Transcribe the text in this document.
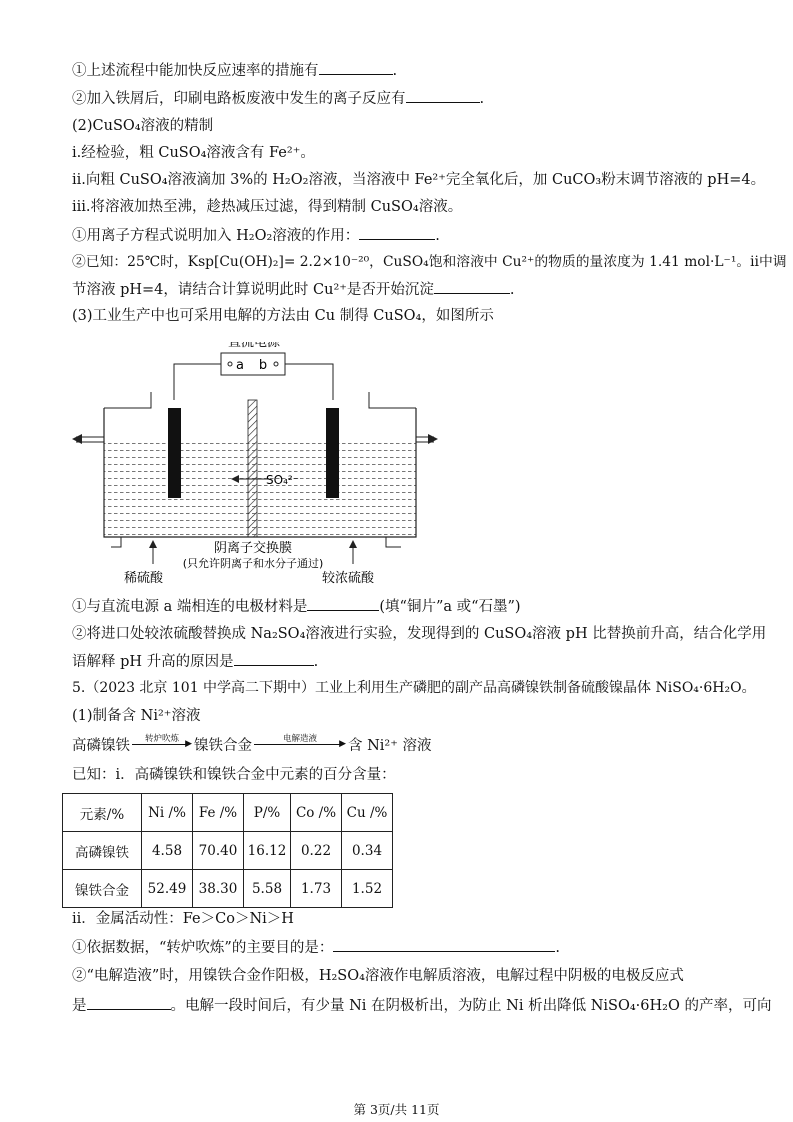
①上述流程中能加快反应速率的措施有	.
②加入铁屑后，印刷电路板废液中发生的离子反应有	.
(2)CuSO₄溶液的精制
ⅰ.经检验，粗 CuSO₄溶液含有 Fe²⁺。
ⅱ.向粗 CuSO₄溶液滴加 3%的 H₂O₂溶液，当溶液中 Fe²⁺完全氧化后，加 CuCO₃粉末调节溶液的 pH=4。
ⅲ.将溶液加热至沸，趁热减压过滤，得到精制 CuSO₄溶液。
①用离子方程式说明加入 H₂O₂溶液的作用：	.
②已知：25℃时，Ksp[Cu(OH)₂]= 2.2×10⁻²⁰，CuSO₄饱和溶液中 Cu²⁺的物质的量浓度为 1.41 mol·L⁻¹。ⅱ中调
节溶液 pH=4，请结合计算说明此时 Cu²⁺是否开始沉淀	.
(3)工业生产中也可采用电解的方法由 Cu 制得 CuSO₄，如图所示
直流电源
a b
SO₄²⁻
阴离子交换膜
(只允许阴离子和水分子通过)
稀硫酸	较浓硫酸
①与直流电源 a 端相连的电极材料是	(填“铜片”a 或“石墨”)
②将进口处较浓硫酸替换成 Na₂SO₄溶液进行实验，发现得到的 CuSO₄溶液 pH 比替换前升高，结合化学用
语解释 pH 升高的原因是	.
5.（2023 北京 101 中学高二下期中）工业上利用生产磷肥的副产品高磷镍铁制备硫酸镍晶体 NiSO₄·6H₂O。
(1)制备含 Ni²⁺溶液
高磷镍铁	转炉吹炼 ▶ 镍铁合金	电解造液	▶ 含 Ni²⁺ 溶液
已知：ⅰ．高磷镍铁和镍铁合金中元素的百分含量：
元素/%	Ni /%	Fe /%	P/%	Co /%	Cu /%
高磷镍铁	4.58	70.40	16.12	0.22	0.34
镍铁合金	52.49	38.30	5.58	1.73	1.52
ⅱ．金属活动性：Fe＞Co＞Ni＞H
①依据数据，“转炉吹炼”的主要目的是：	.
②“电解造液”时，用镍铁合金作阳极，H₂SO₄溶液作电解质溶液，电解过程中阴极的电极反应式
是	。电解一段时间后，有少量 Ni 在阴极析出，为防止 Ni 析出降低 NiSO₄·6H₂O 的产率，可向
第 3页/共 11页
